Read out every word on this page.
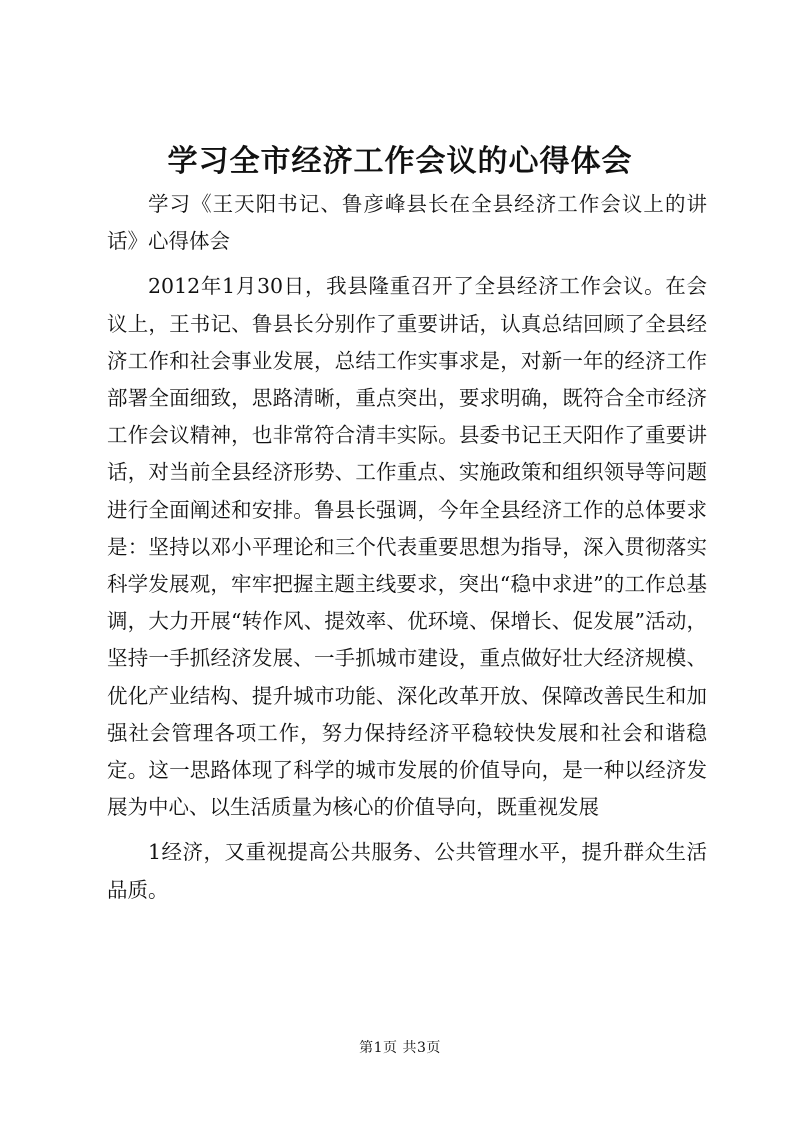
学习全市经济工作会议的心得体会

学习《王天阳书记、鲁彦峰县长在全县经济工作会议上的讲话》心得体会

2012年1月30日，我县隆重召开了全县经济工作会议。在会议上，王书记、鲁县长分别作了重要讲话，认真总结回顾了全县经济工作和社会事业发展，总结工作实事求是，对新一年的经济工作部署全面细致，思路清晰，重点突出，要求明确，既符合全市经济工作会议精神，也非常符合清丰实际。县委书记王天阳作了重要讲话，对当前全县经济形势、工作重点、实施政策和组织领导等问题进行全面阐述和安排。鲁县长强调，今年全县经济工作的总体要求是：坚持以邓小平理论和三个代表重要思想为指导，深入贯彻落实科学发展观，牢牢把握主题主线要求，突出“稳中求进”的工作总基调，大力开展“转作风、提效率、优环境、保增长、促发展”活动，坚持一手抓经济发展、一手抓城市建设，重点做好壮大经济规模、优化产业结构、提升城市功能、深化改革开放、保障改善民生和加强社会管理各项工作，努力保持经济平稳较快发展和社会和谐稳定。这一思路体现了科学的城市发展的价值导向，是一种以经济发展为中心、以生活质量为核心的价值导向，既重视发展

1经济，又重视提高公共服务、公共管理水平，提升群众生活品质。

第1页 共3页
